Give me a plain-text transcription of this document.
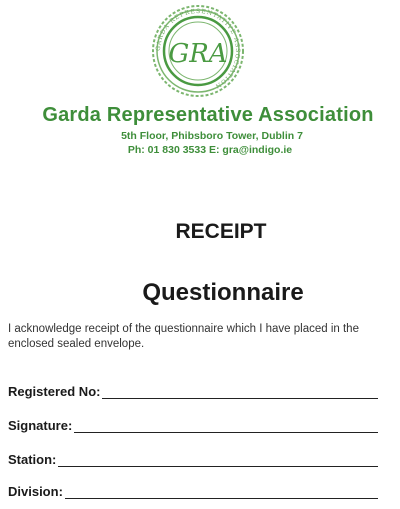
GARDA REPRESENTATIVE ASSOCIATION
GRA
Garda Representative Association
5th Floor, Phibsboro Tower, Dublin 7
Ph: 01 830 3533 E: gra@indigo.ie
RECEIPT
Questionnaire
I acknowledge receipt of the questionnaire which I have placed in the enclosed sealed envelope.
Registered No:
Signature:
Station:
Division:
